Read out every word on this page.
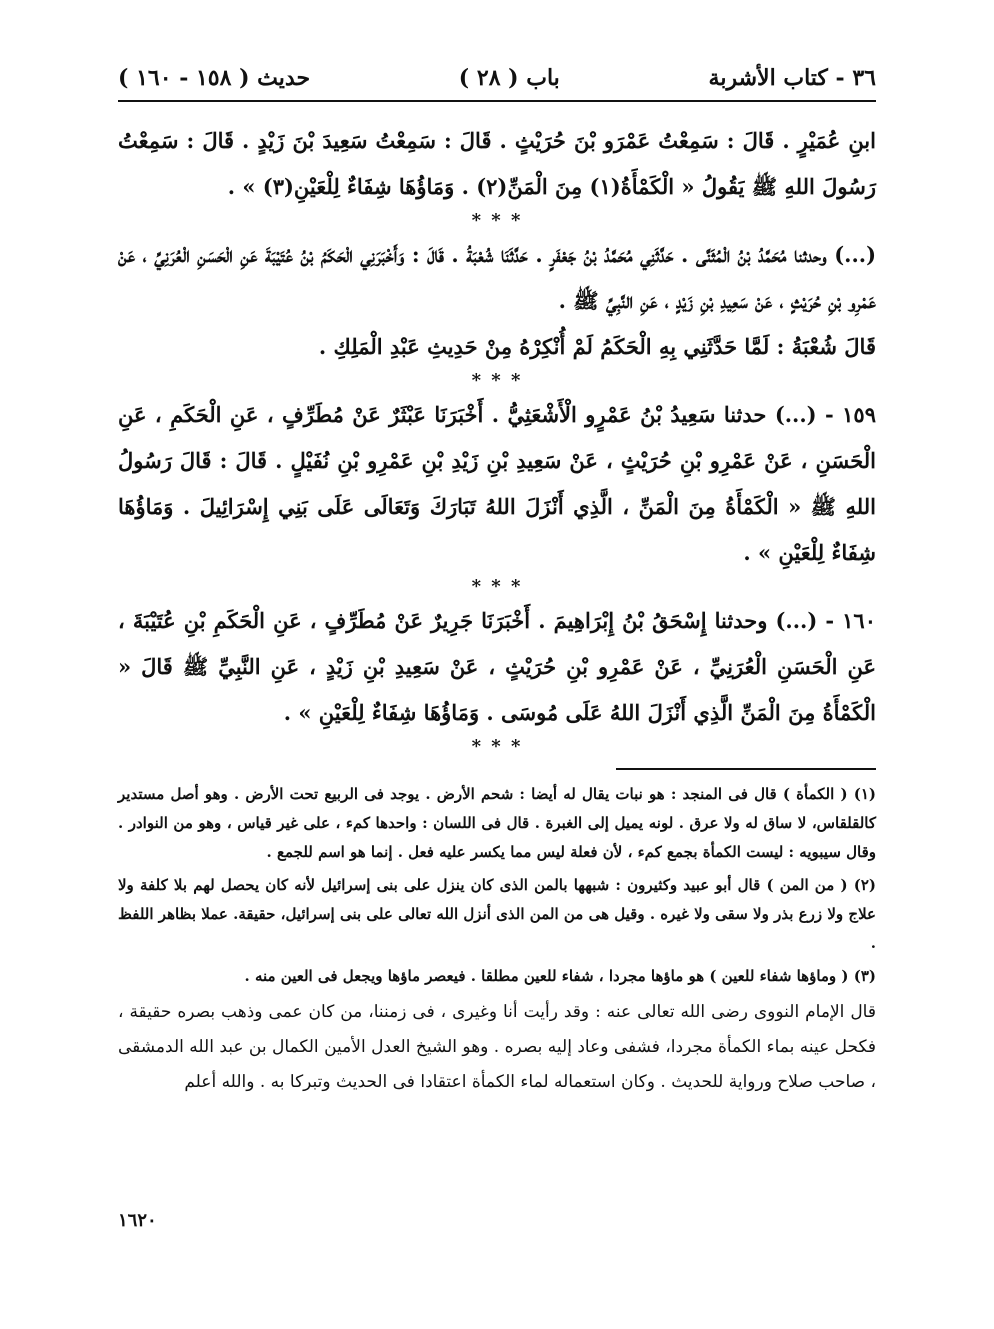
( ١٥٨ - ١٦٠ ) حديث	( ٢٨ ) باب	٣٦ - كتاب الأشربة

ابنِ عُمَيْرٍ . قَالَ : سَمِعْتُ عَمْرَو بْنَ حُرَيْثٍ . قَالَ : سَمِعْتُ سَعِيدَ بْنَ زَيْدٍ . قَالَ : سَمِعْتُ رَسُولَ اللهِ ﷺ يَقُولُ « الْكَمْأَةُ(١) مِنَ الْمَنِّ(٢) . وَمَاؤُهَا شِفَاءٌ لِلْعَيْنِ(٣) » .

* * *

(...) وحدثنا مُحَمَّدُ بْنُ الْمُثَنَّى . حَدَّثَنِي مُحَمَّدُ بْنُ جَعْفَرٍ . حَدَّثَنَا شُعْبَةُ . قَالَ : وَأَخْبَرَنِي الْحَكَمُ بْنُ عُتَيْبَةَ عَنِ الْحَسَنِ الْعُرَنِيِّ ، عَنْ عَمْرِو بْنِ حُرَيْثٍ ، عَنْ سَعِيدِ بْنِ زَيْدٍ ، عَنِ النَّبِيِّ ﷺ .

قَالَ شُعْبَةُ : لَمَّا حَدَّثَنِي بِهِ الْحَكَمُ لَمْ أُنْكِرْهُ مِنْ حَدِيثِ عَبْدِ الْمَلِكِ .

* * *

١٥٩ - (...) حدثنا سَعِيدُ بْنُ عَمْرٍو الْأَشْعَثِيُّ . أَخْبَرَنَا عَبْثَرٌ عَنْ مُطَرِّفٍ ، عَنِ الْحَكَمِ ، عَنِ الْحَسَنِ ، عَنْ عَمْرِو بْنِ حُرَيْثٍ ، عَنْ سَعِيدِ بْنِ زَيْدِ بْنِ عَمْرِو بْنِ نُفَيْلٍ . قَالَ : قَالَ رَسُولُ اللهِ ﷺ « الْكَمْأَةُ مِنَ الْمَنِّ ، الَّذِي أَنْزَلَ اللهُ تَبَارَكَ وَتَعَالَى عَلَى بَنِي إِسْرَائِيلَ . وَمَاؤُهَا شِفَاءٌ لِلْعَيْنِ » .

* * *

١٦٠ - (...) وحدثنا إِسْحَقُ بْنُ إِبْرَاهِيمَ . أَخْبَرَنَا جَرِيرٌ عَنْ مُطَرِّفٍ ، عَنِ الْحَكَمِ بْنِ عُتَيْبَةَ ، عَنِ الْحَسَنِ الْعُرَنِيِّ ، عَنْ عَمْرِو بْنِ حُرَيْثٍ ، عَنْ سَعِيدِ بْنِ زَيْدٍ ، عَنِ النَّبِيِّ ﷺ قَالَ « الْكَمْأَةُ مِنَ الْمَنِّ الَّذِي أَنْزَلَ اللهُ عَلَى مُوسَى . وَمَاؤُهَا شِفَاءٌ لِلْعَيْنِ » .

* * *

(١) ( الكمأة ) قال فى المنجد : هو نبات يقال له أيضا : شحم الأرض . يوجد فى الربيع تحت الأرض . وهو أصل مستدير كالقلقاس، لا ساق له ولا عرق . لونه يميل إلى الغبرة . قال فى اللسان : واحدها كمء ، على غير قياس ، وهو من النوادر . وقال سيبويه : ليست الكمأة بجمع كمء ، لأن فعلة ليس مما يكسر عليه فعل . إنما هو اسم للجمع .

(٢) ( من المن ) قال أبو عبيد وكثيرون : شبهها بالمن الذى كان ينزل على بنى إسرائيل لأنه كان يحصل لهم بلا كلفة ولا علاج ولا زرع بذر ولا سقى ولا غيره . وقيل هى من المن الذى أنزل الله تعالى على بنى إسرائيل، حقيقة. عملا بظاهر اللفظ .

(٣) ( وماؤها شفاء للعين ) هو ماؤها مجردا ، شفاء للعين مطلقا . فيعصر ماؤها ويجعل فى العين منه .

قال الإمام النووى رضى الله تعالى عنه : وقد رأيت أنا وغيرى ، فى زمننا، من كان عمى وذهب بصره حقيقة ، فكحل عينه بماء الكمأة مجردا، فشفى وعاد إليه بصره . وهو الشيخ العدل الأمين الكمال بن عبد الله الدمشقى ، صاحب صلاح ورواية للحديث . وكان استعماله لماء الكمأة اعتقادا فى الحديث وتبركا به . والله أعلم

١٦٢٠
